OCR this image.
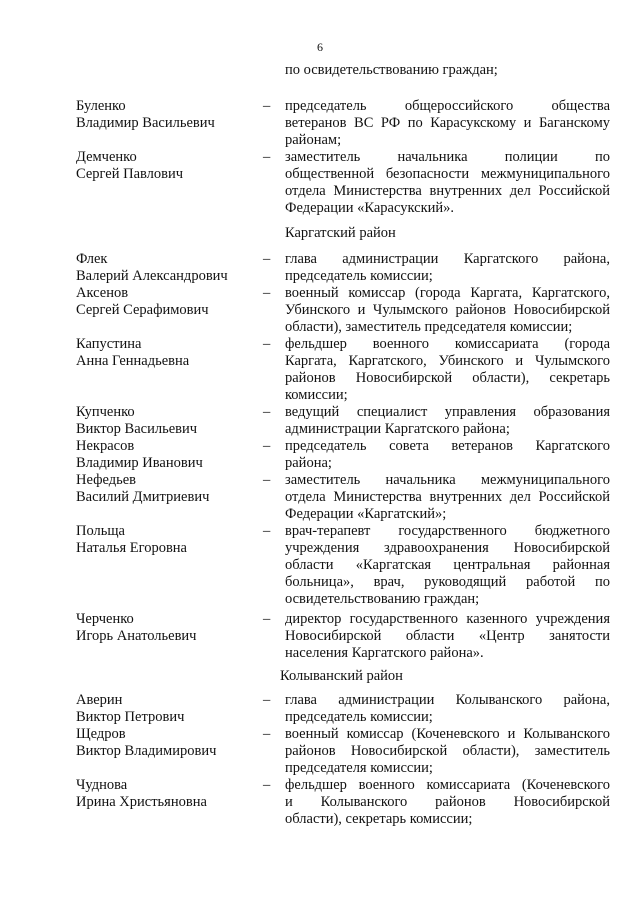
6
по освидетельствованию граждан;
Каргатский район
Колыванский район
Буленко
Владимир Васильевич
– председатель общероссийского общества
ветеранов ВС РФ по Карасукскому и Баганскому
районам;
Демченко
Сергей Павлович
– заместитель начальника полиции по
общественной безопасности межмуниципального
отдела Министерства внутренних дел Российской
Федерации «Карасукский».
Флек
Валерий Александрович
– глава администрации Каргатского района,
председатель комиссии;
Аксенов
Сергей Серафимович
– военный комиссар (города Каргата, Каргатского,
Убинского и Чулымского районов Новосибирской
области), заместитель председателя комиссии;
Капустина
Анна Геннадьевна
– фельдшер военного комиссариата (города
Каргата, Каргатского, Убинского и Чулымского
районов Новосибирской области), секретарь
комиссии;
Купченко
Виктор Васильевич
– ведущий специалист управления образования
администрации Каргатского района;
Некрасов
Владимир Иванович
– председатель совета ветеранов Каргатского
района;
Нефедьев
Василий Дмитриевич
– заместитель начальника межмуниципального
отдела Министерства внутренних дел Российской
Федерации «Каргатский»;
Польща
Наталья Егоровна
– врач-терапевт государственного бюджетного
учреждения здравоохранения Новосибирской
области «Каргатская центральная районная
больница», врач, руководящий работой по
освидетельствованию граждан;
Черченко
Игорь Анатольевич
– директор государственного казенного учреждения
Новосибирской области «Центр занятости
населения Каргатского района».
Аверин
Виктор Петрович
– глава администрации Колыванского района,
председатель комиссии;
Щедров
Виктор Владимирович
– военный комиссар (Коченевского и Колыванского
районов Новосибирской области), заместитель
председателя комиссии;
Чуднова
Ирина Христьяновна
– фельдшер военного комиссариата (Коченевского
и Колыванского районов Новосибирской
области), секретарь комиссии;
